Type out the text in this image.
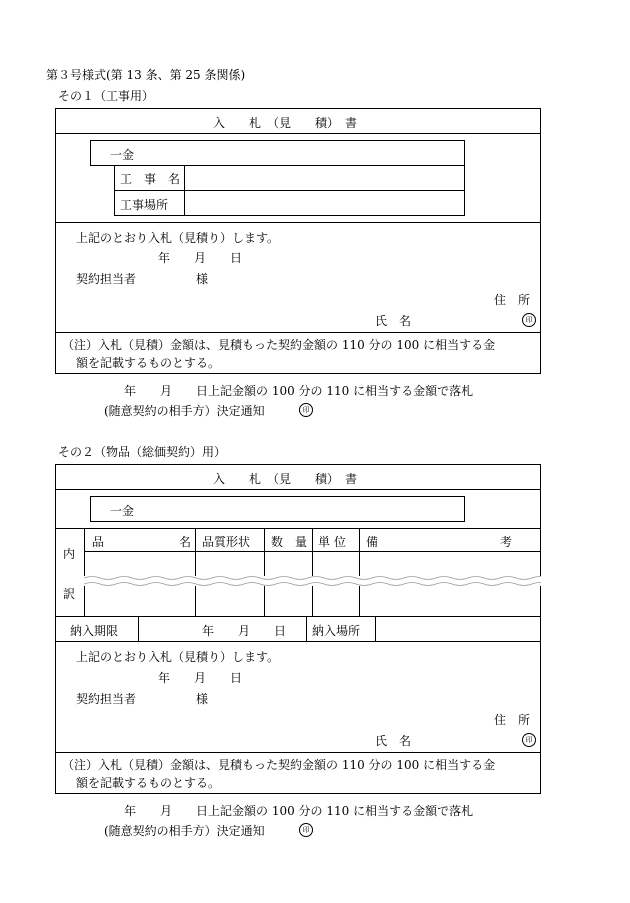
第３号様式(第 13 条、第 25 条関係)
その１（工事用）
入　　札　（見　　積）　書
一金
工　事　名
工事場所
上記のとおり入札（見積り）します。
年　　月　　日
契約担当者　　　　　様
住　所
氏　名	印
（注）入札（見積）金額は、見積もった契約金額の 110 分の 100 に相当する金
額を記載するものとする。
年　　月　　日上記金額の 100 分の 110 に相当する金額で落札
(随意契約の相手方）決定通知	印
その２（物品（総価契約）用）
入　　札　（見　　積）　書
一金
内
訳
品	名 品質形状 数　量 単 位 備	考
納入期限	年　　月　　日 納入場所
上記のとおり入札（見積り）します。
年　　月　　日
契約担当者　　　　　様
住　所
氏　名	印
（注）入札（見積）金額は、見積もった契約金額の 110 分の 100 に相当する金
額を記載するものとする。
年　　月　　日上記金額の 100 分の 110 に相当する金額で落札
(随意契約の相手方）決定通知	印
